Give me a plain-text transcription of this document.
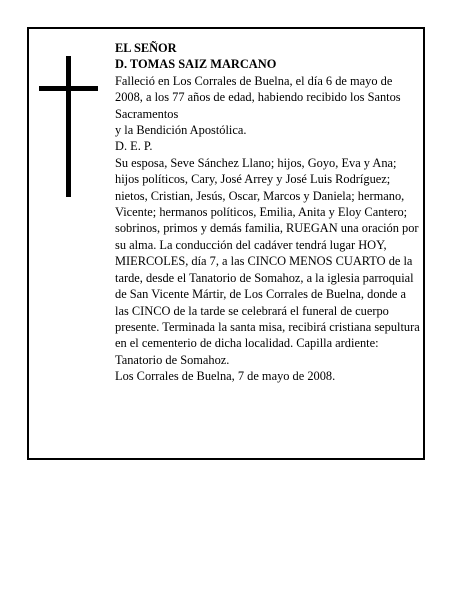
EL SEÑOR

D. TOMAS SAIZ MARCANO

Falleció en Los Corrales de Buelna, el día 6 de mayo de 2008, a los 77 años de edad, habiendo recibido los Santos Sacramentos

y la Bendición Apostólica.

D. E. P.

Su esposa, Seve Sánchez Llano; hijos, Goyo, Eva y Ana; hijos políticos, Cary, José Arrey y José Luis Rodríguez; nietos, Cristian, Jesús, Oscar, Marcos y Daniela; hermano, Vicente; hermanos políticos, Emilia, Anita y Eloy Cantero; sobrinos, primos y demás familia, RUEGAN una oración por su alma. La conducción del cadáver tendrá lugar HOY, MIERCOLES, día 7, a las CINCO MENOS CUARTO de la tarde, desde el Tanatorio de Somahoz, a la iglesia parroquial de San Vicente Mártir, de Los Corrales de Buelna, donde a las CINCO de la tarde se celebrará el funeral de cuerpo presente. Terminada la santa misa, recibirá cristiana sepultura en el cementerio de dicha localidad. Capilla ardiente: Tanatorio de Somahoz.

Los Corrales de Buelna, 7 de mayo de 2008.
